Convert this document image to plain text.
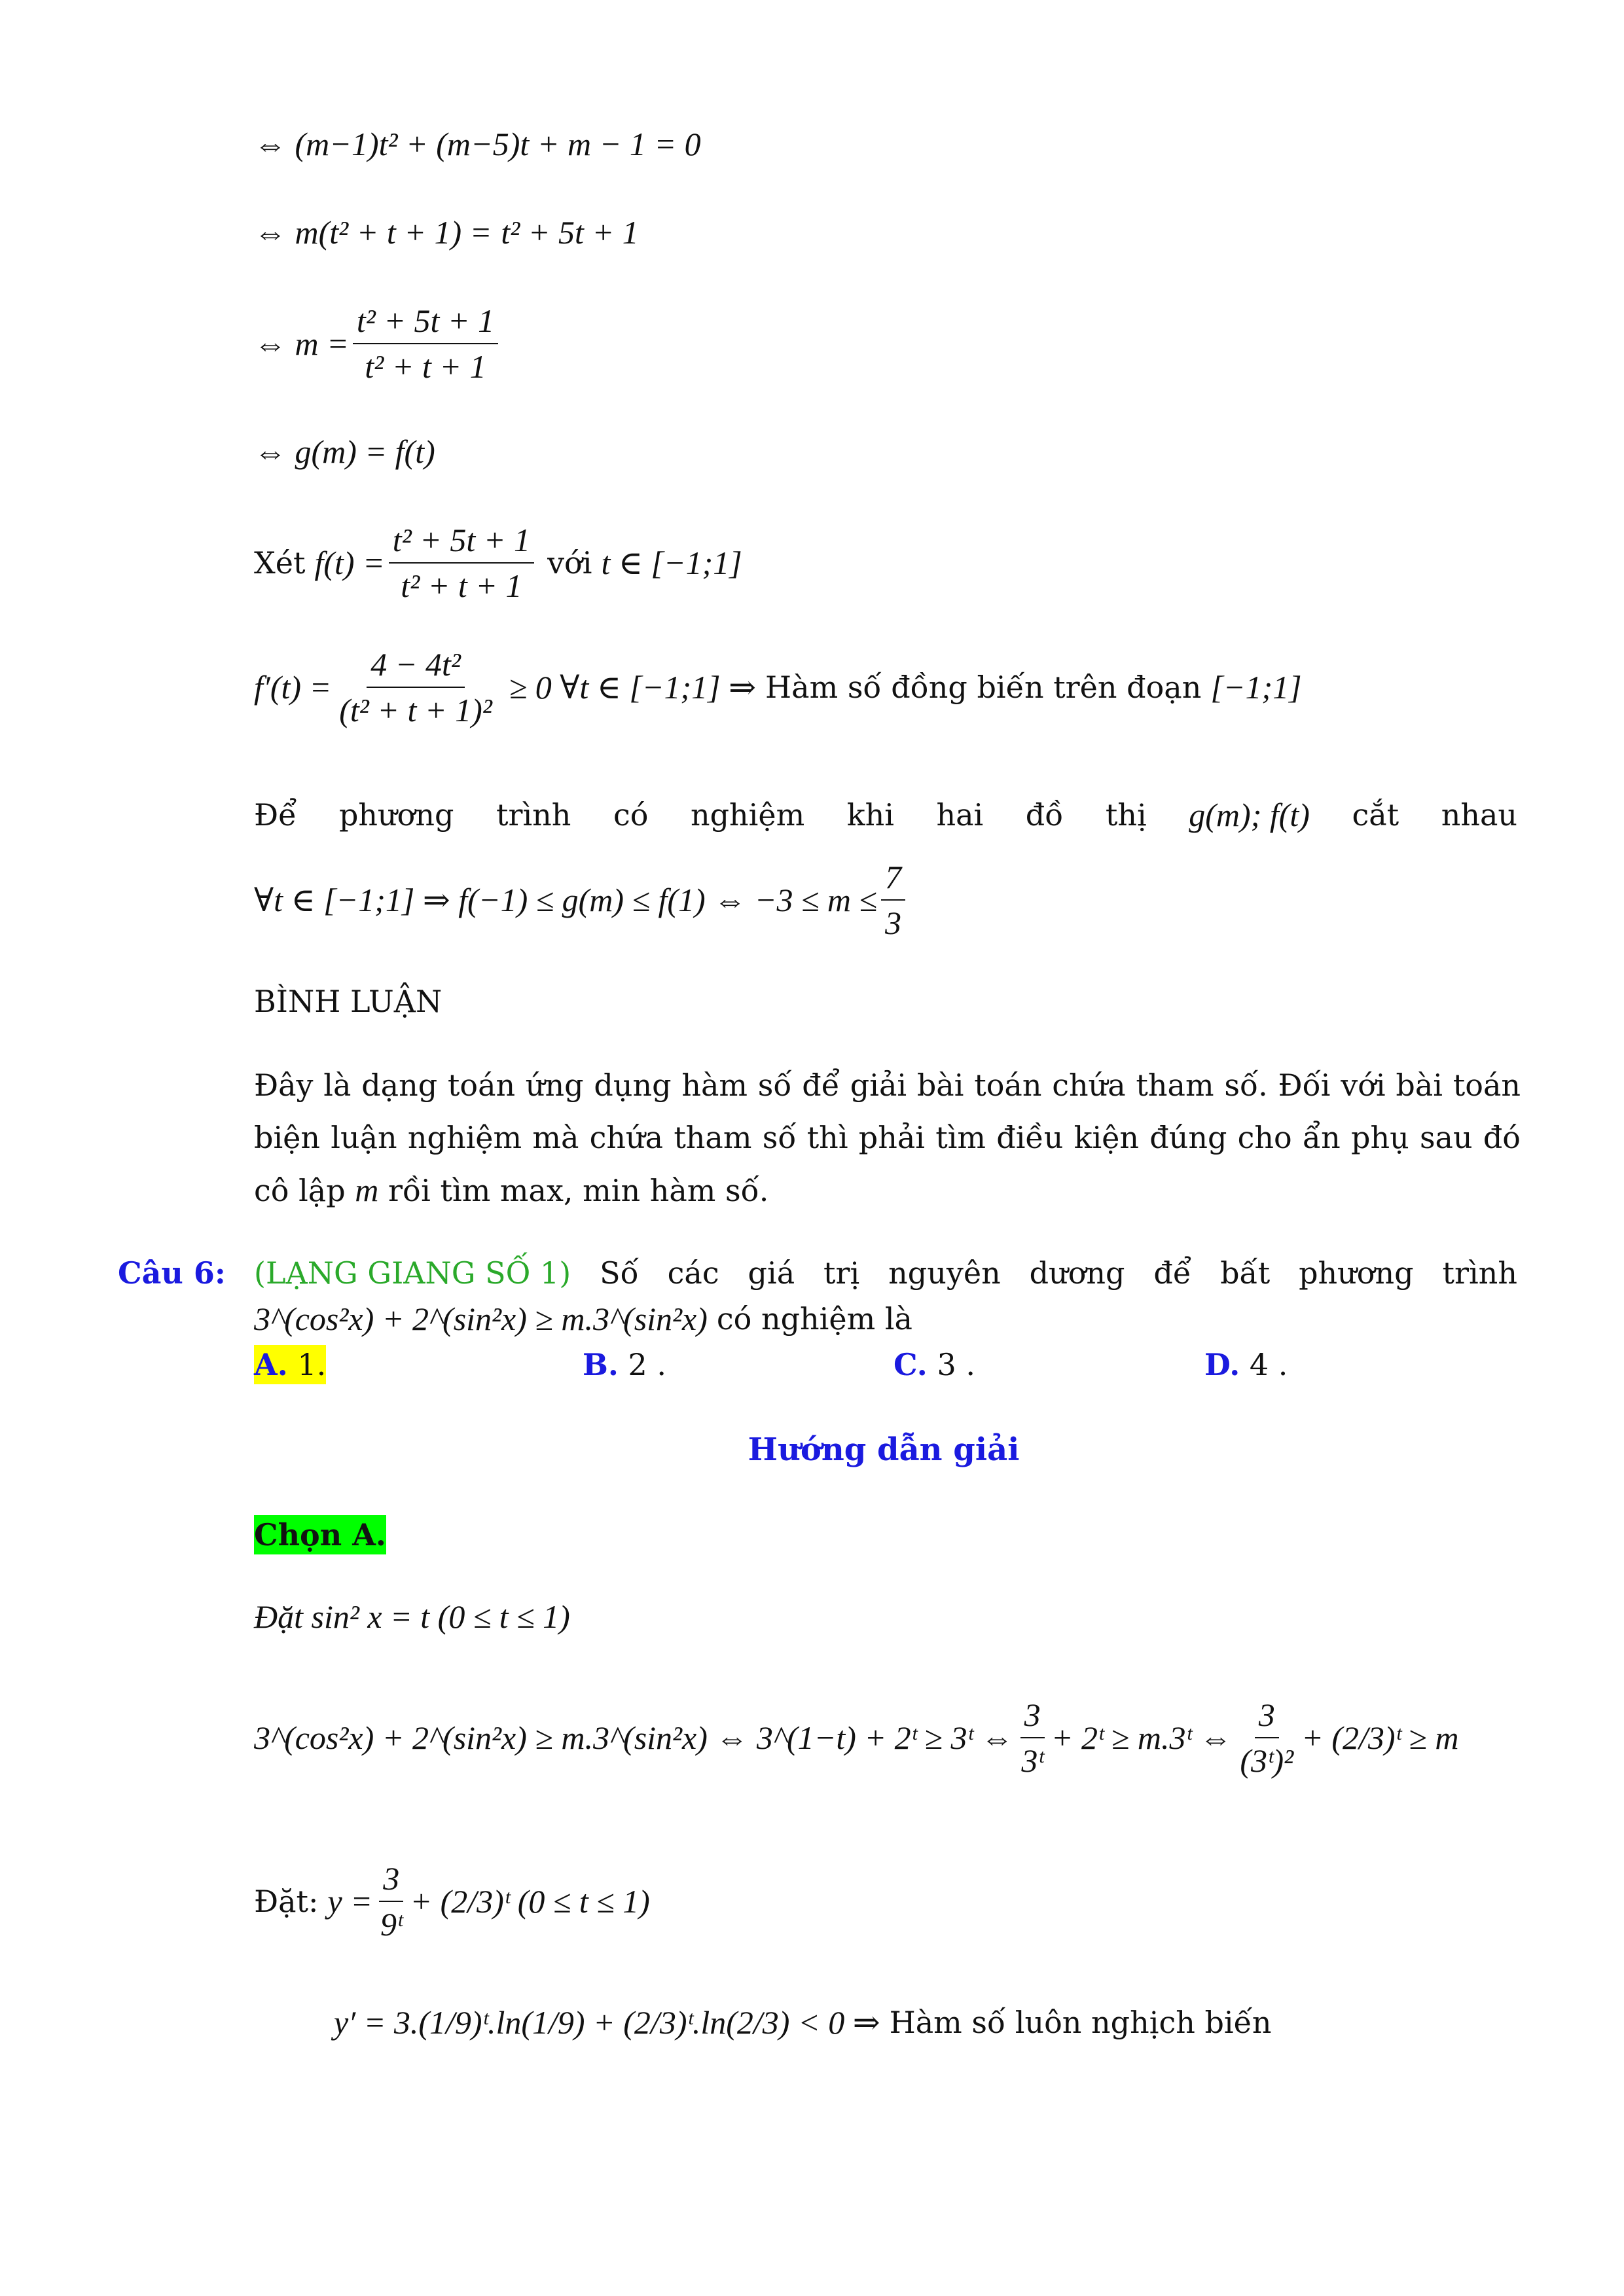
⇔ (m−1)t² + (m−5)t + m − 1 = 0
⇔ m(t² + t + 1) = t² + 5t + 1
⇔ $m = \frac{\text{t² + 5t + 1}}{\text{t² + t + 1}}$
⇔ g(m) = f(t)
Xét $f(t) = \frac{\text{t² + 5t + 1}}{\text{t² + t + 1}}$ với t ∈ [−1;1]
$f'(t) = \frac{\text{4 − 4t²}}{\text{(t² + t + 1)²}} \ge 0$ ∀t ∈ [−1;1] ⇒ Hàm số đồng biến trên đoạn [−1;1]
Để phương trình có nghiệm khi hai đồ thị g(m); f(t) cắt nhau
∀t ∈ [−1;1] ⇒ f(−1) ≤ g(m) ≤ f(1) ⇔ $-3 \le m \le \frac{7}{3}$
BÌNH LUẬN
Đây là dạng toán ứng dụng hàm số để giải bài toán chứa tham số. Đối với bài toán biện luận nghiệm mà chứa tham số thì phải tìm điều kiện đúng cho ẩn phụ sau đó cô lập m rồi tìm max, min hàm số.
Câu 6: (LẠNG GIANG SỐ 1) Số các giá trị nguyên dương để bất phương trình
3^(cos²x) + 2^(sin²x) ≥ m.3^(sin²x) có nghiệm là
A. 1.	B. 2 .	C. 3 .	D. 4 .
Hướng dẫn giải
Chọn A.
Đặt sin² x = t (0 ≤ t ≤ 1)
3^(cos²x) + 2^(sin²x) ≥ m.3^(sin²x) ⇔ 3^(1−t) + 2ᵗ ≥ 3ᵗ ⇔ $\frac{3}{\text{3ᵗ}}$ + 2ᵗ ≥ m.3ᵗ ⇔ $\frac{3}{\text{(3ᵗ)²}}$ + (2/3)ᵗ ≥ m
Đặt: $y = \frac{3}{\text{9ᵗ}}$ + (2/3)ᵗ (0 ≤ t ≤ 1)
y′ = 3.(1/9)ᵗ.ln(1/9) + (2/3)ᵗ.ln(2/3) < 0 ⇒ Hàm số luôn nghịch biến
